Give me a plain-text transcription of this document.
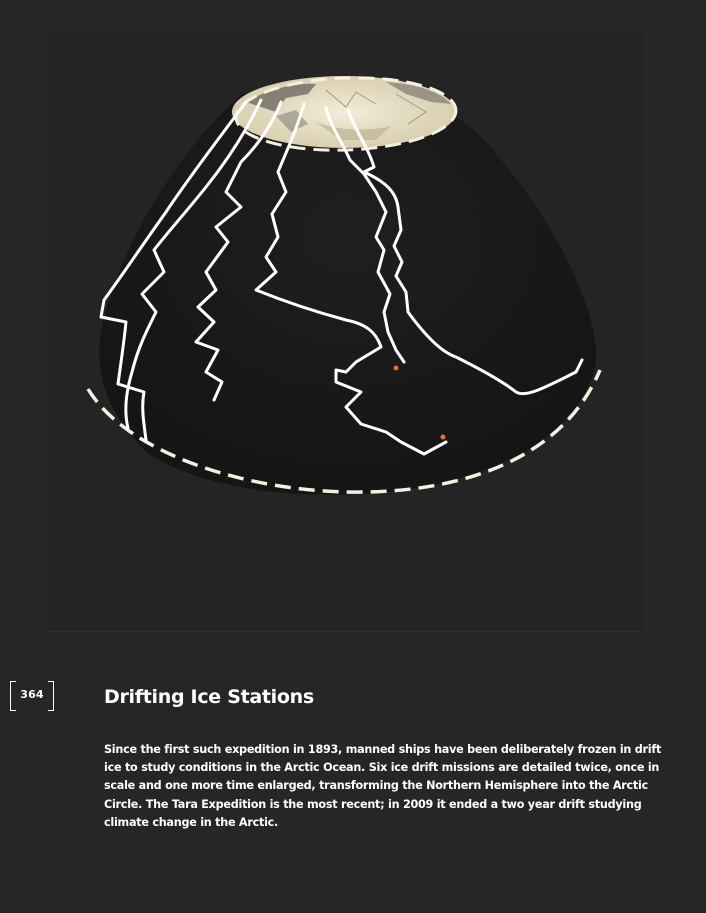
364	Drifting Ice Stations

Since the first such expedition in 1893, manned ships have been deliberately frozen in drift ice to study conditions in the Arctic Ocean. Six ice drift missions are detailed twice, once in scale and one more time enlarged, transforming the Northern Hemisphere into the Arctic Circle. The Tara Expedition is the most recent; in 2009 it ended a two year drift studying climate change in the Arctic.
